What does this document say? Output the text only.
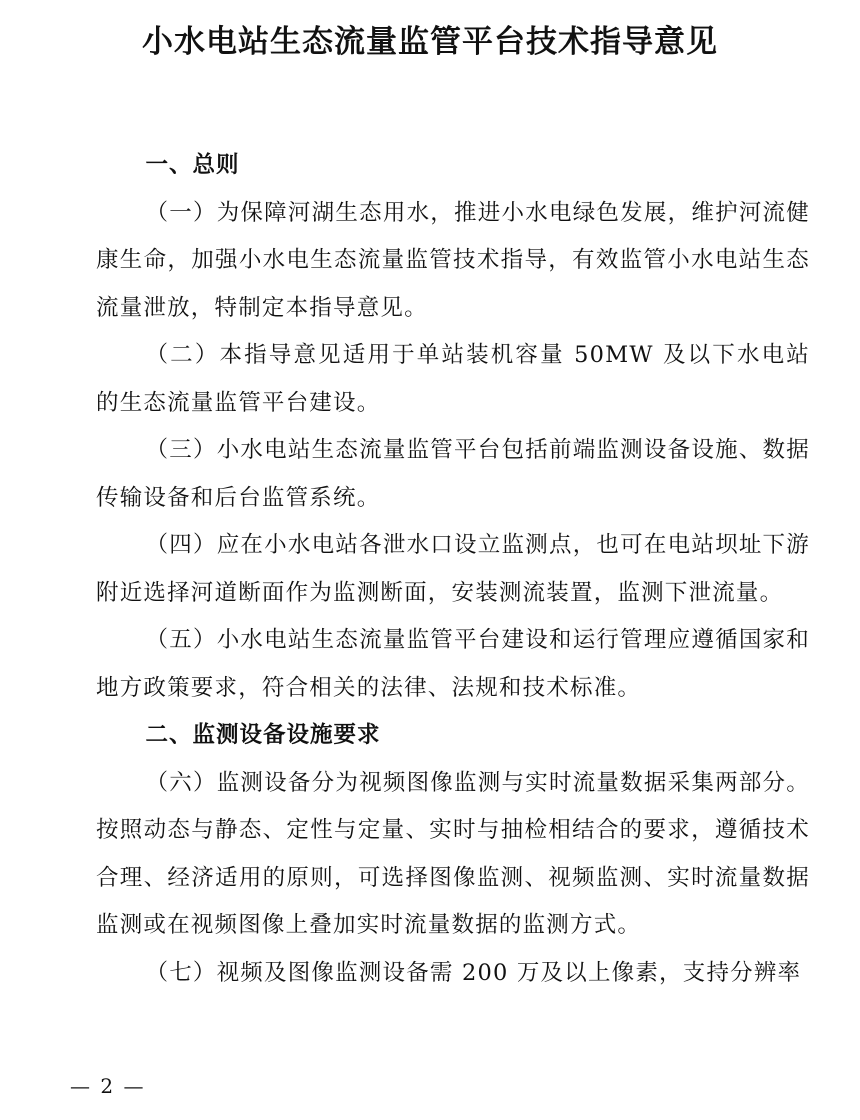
小水电站生态流量监管平台技术指导意见

一、总则

（一）为保障河湖生态用水，推进小水电绿色发展，维护河流健康生命，加强小水电生态流量监管技术指导，有效监管小水电站生态流量泄放，特制定本指导意见。

（二）本指导意见适用于单站装机容量 50MW 及以下水电站的生态流量监管平台建设。

（三）小水电站生态流量监管平台包括前端监测设备设施、数据传输设备和后台监管系统。

（四）应在小水电站各泄水口设立监测点，也可在电站坝址下游附近选择河道断面作为监测断面，安装测流装置，监测下泄流量。

（五）小水电站生态流量监管平台建设和运行管理应遵循国家和地方政策要求，符合相关的法律、法规和技术标准。

二、监测设备设施要求

（六）监测设备分为视频图像监测与实时流量数据采集两部分。按照动态与静态、定性与定量、实时与抽检相结合的要求，遵循技术合理、经济适用的原则，可选择图像监测、视频监测、实时流量数据监测或在视频图像上叠加实时流量数据的监测方式。

（七）视频及图像监测设备需 200 万及以上像素，支持分辨率

— 2 —
